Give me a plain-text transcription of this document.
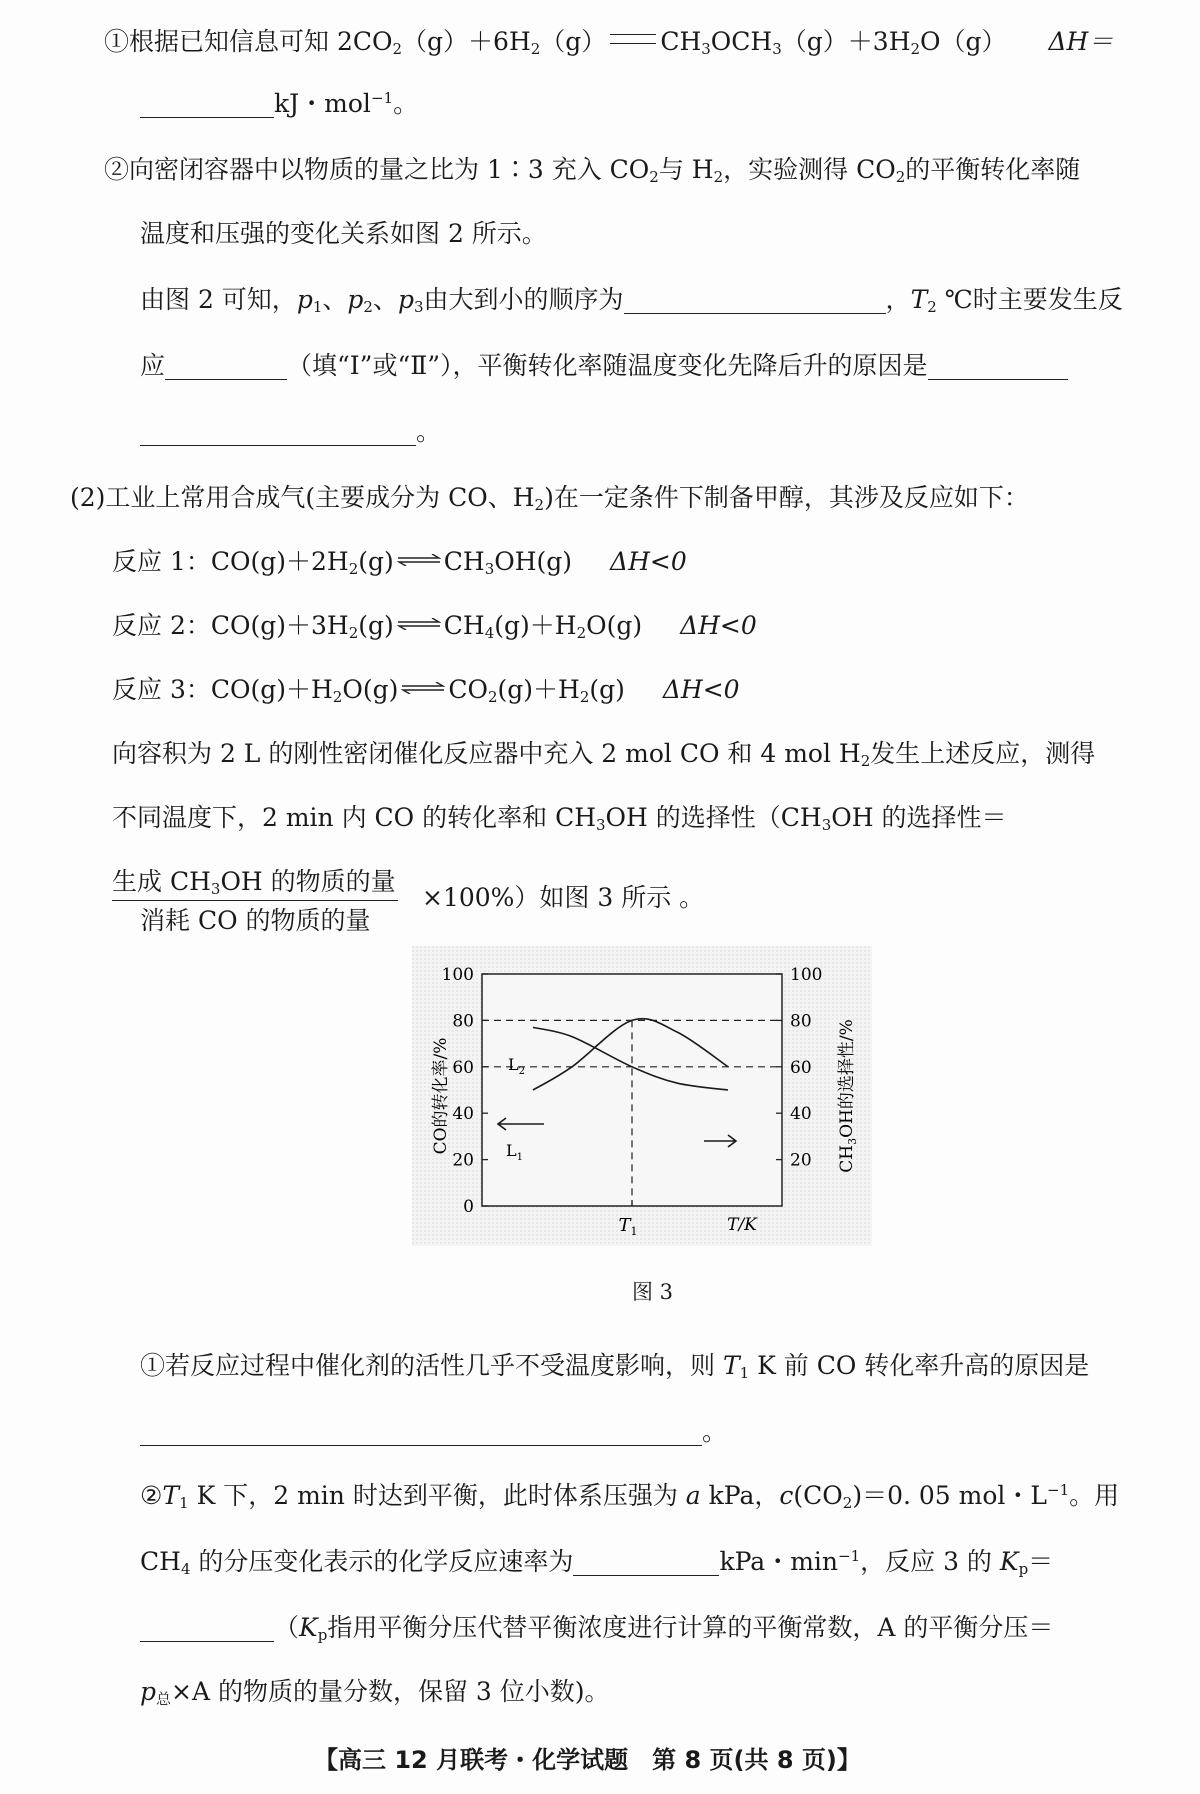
①根据已知信息可知 $2CO_2(g)+6H_2(g)$ $CH_3OCH_3(g)+3H_2O(g)$ ΔH＝
kJ・mol$^{-1}$。
②向密闭容器中以物质的量之比为 1∶3 充入 $CO_2$与 $H_2$，实验测得 $CO_2$的平衡转化率随
温度和压强的变化关系如图 2 所示。
由图 2 可知，$p_1$、$p_2$、$p_3$由大到小的顺序为	，$T_2$ ℃时主要发生反
应	（填“Ⅰ”或“Ⅱ”），平衡转化率随温度变化先降后升的原因是
。
(2)工业上常用合成气(主要成分为 CO、$H_2$)在一定条件下制备甲醇，其涉及反应如下：
反应 1：$CO(g)+2H_2(g)$ ⇌ $CH_3OH(g)$ ΔH<0
反应 2：$CO(g)+3H_2(g)$ ⇌ $CH_4(g)+H_2O(g)$ ΔH<0
反应 3：$CO(g)+H_2O(g)$ ⇌ $CO_2(g)+H_2(g)$ ΔH<0
向容积为 2 L 的刚性密闭催化反应器中充入 2 mol CO 和 4 mol $H_2$发生上述反应，测得
不同温度下，2 min 内 CO 的转化率和 $CH_3OH$ 的选择性（$CH_3OH$ 的选择性＝
生成 $CH_3OH$ 的物质的量
消耗 CO 的物质的量
×100%）如图 3 所示 。
0
20
40
60
80
100
20
40
60
80
100
$L_2$
$L_1$
CO的转化率/%
$CH_3OH$的选择性/%
$T_1$	T/K
图 3
①若反应过程中催化剂的活性几乎不受温度影响，则 $T_1$ K 前 CO 转化率升高的原因是
。
$②T_1$ K 下，2 min 时达到平衡，此时体系压强为 a kPa，$c(CO_2)=0$. 05 mol・$L^{-1}$。用
$CH_4$ 的分压变化表示的化学反应速率为	kPa・$\min^{-1}$，反应 3 的 $K_p=$
（$K_p$指用平衡分压代替平衡浓度进行计算的平衡常数，A 的平衡分压＝
$p_总\times A$ 的物质的量分数，保留 3 位小数)。
【高三 12 月联考・化学试题　第 8 页(共 8 页)】
